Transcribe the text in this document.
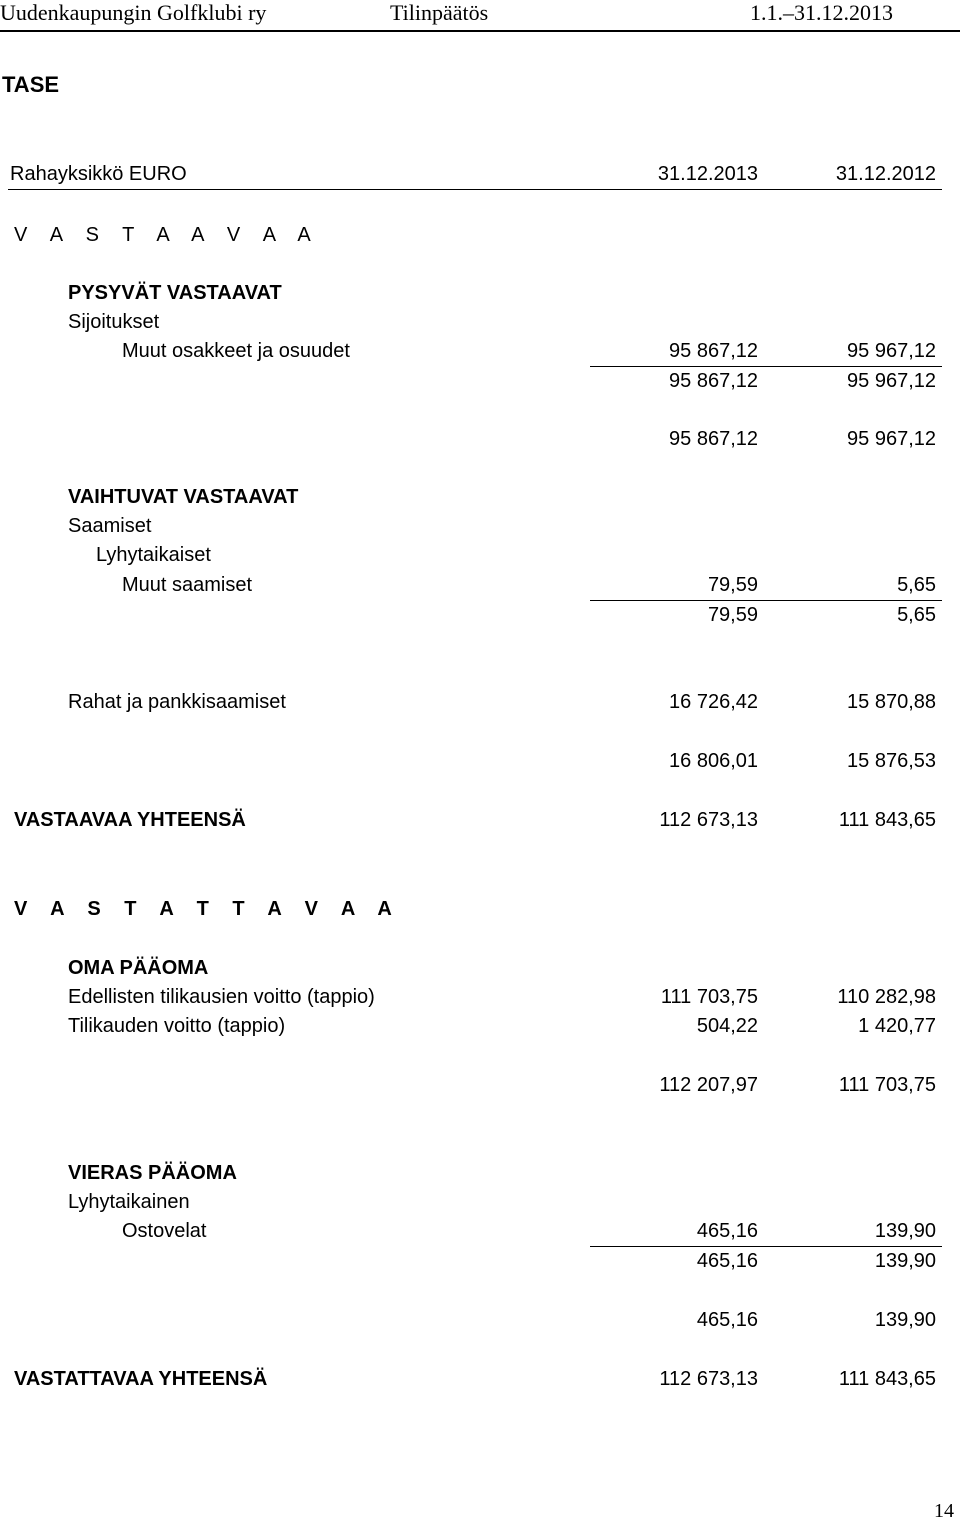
Uudenkaupungin Golfklubi ry	Tilinpäätös	1.1.–31.12.2013
TASE
Rahayksikkö EURO	31.12.2013	31.12.2012
V A S T A A V A A
PYSYVÄT VASTAAVAT
Sijoitukset
Muut osakkeet ja osuudet	95 867,12	95 967,12
95 867,12	95 967,12
95 867,12	95 967,12
VAIHTUVAT VASTAAVAT
Saamiset
Lyhytaikaiset
Muut saamiset	79,59	5,65
79,59	5,65
Rahat ja pankkisaamiset	16 726,42	15 870,88
16 806,01	15 876,53
VASTAAVAA YHTEENSÄ	112 673,13	111 843,65
V A S T A T T A V A A
OMA PÄÄOMA
Edellisten tilikausien voitto (tappio)	111 703,75	110 282,98
Tilikauden voitto (tappio)	504,22	1 420,77
112 207,97	111 703,75
VIERAS PÄÄOMA
Lyhytaikainen
Ostovelat	465,16	139,90
465,16	139,90
465,16	139,90
VASTATTAVAA YHTEENSÄ	112 673,13	111 843,65
14
